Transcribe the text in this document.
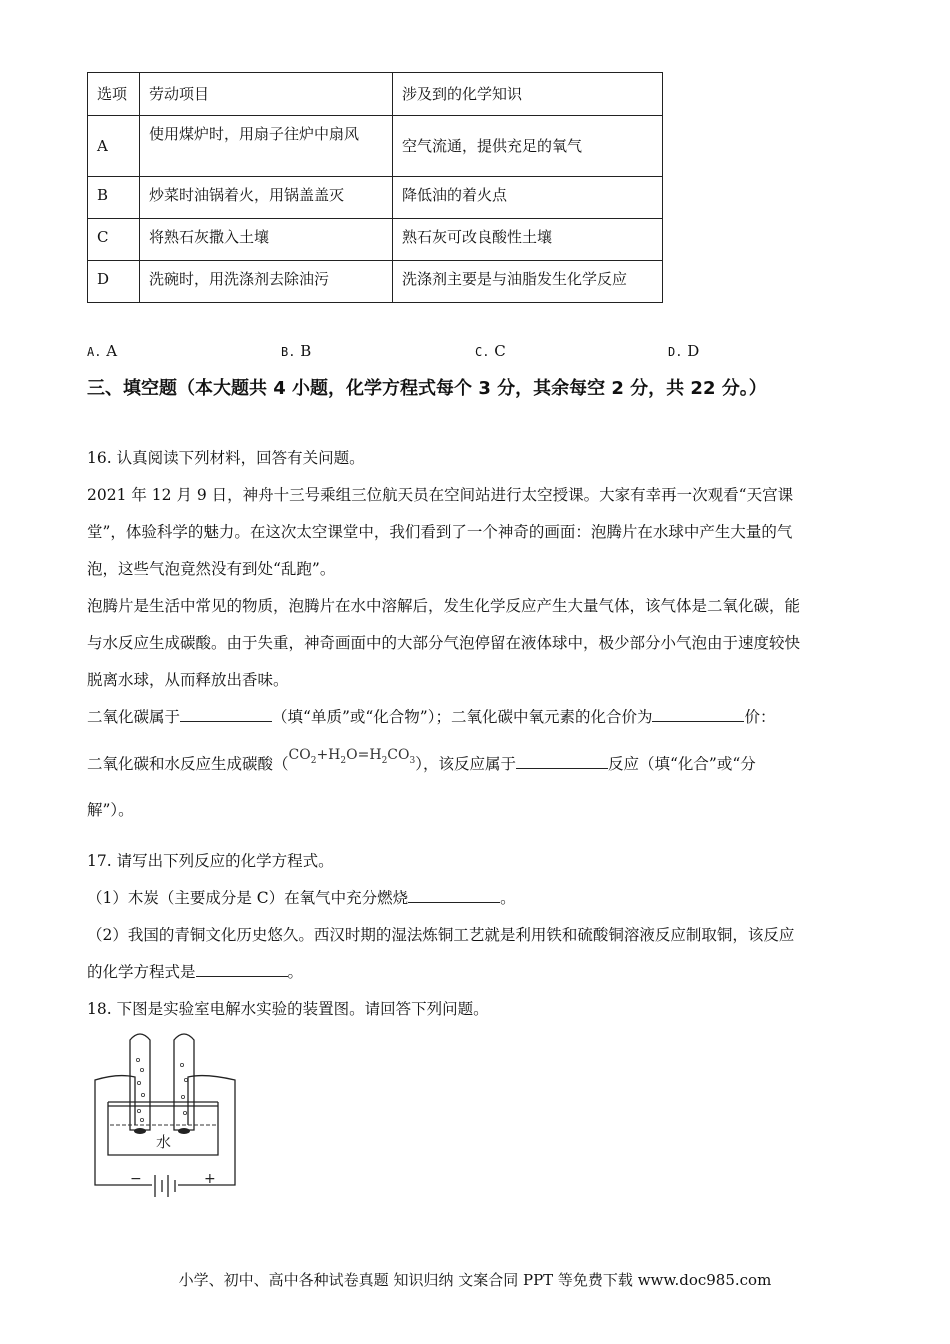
选项	劳动项目	涉及到的化学知识
A	使用煤炉时，用扇子往炉中扇风	空气流通，提供充足的氧气
B	炒菜时油锅着火，用锅盖盖灭	降低油的着火点
C	将熟石灰撒入土壤	熟石灰可改良酸性土壤
D	洗碗时，用洗涤剂去除油污	洗涤剂主要是与油脂发生化学反应
A. A	B. B	C. C	D. D
三、填空题（本大题共 4 小题，化学方程式每个 3 分，其余每空 2 分，共 22 分。）
16. 认真阅读下列材料，回答有关问题。
2021 年 12 月 9 日，神舟十三号乘组三位航天员在空间站进行太空授课。大家有幸再一次观看“天宫课
堂”，体验科学的魅力。在这次太空课堂中，我们看到了一个神奇的画面：泡腾片在水球中产生大量的气
泡，这些气泡竟然没有到处“乱跑”。
泡腾片是生活中常见的物质，泡腾片在水中溶解后，发生化学反应产生大量气体，该气体是二氧化碳，能
与水反应生成碳酸。由于失重，神奇画面中的大部分气泡停留在液体球中，极少部分小气泡由于速度较快
脱离水球，从而释放出香味。
二氧化碳属于	（填“单质”或“化合物”）；二氧化碳中氧元素的化合价为	价：
二氧化碳和水反应生成碳酸$(CO_2+H_2O=H_2CO_3)$，该反应属于	反应（填“化合”或“分
解”）。
17. 请写出下列反应的化学方程式。
（1）木炭（主要成分是 C）在氧气中充分燃烧	。
（2）我国的青铜文化历史悠久。西汉时期的湿法炼铜工艺就是利用铁和硫酸铜溶液反应制取铜，该反应
的化学方程式是	。
18. 下图是实验室电解水实验的装置图。请回答下列问题。
水
−	+
小学、初中、高中各种试卷真题 知识归纳 文案合同 PPT 等免费下载 www.doc985.com
